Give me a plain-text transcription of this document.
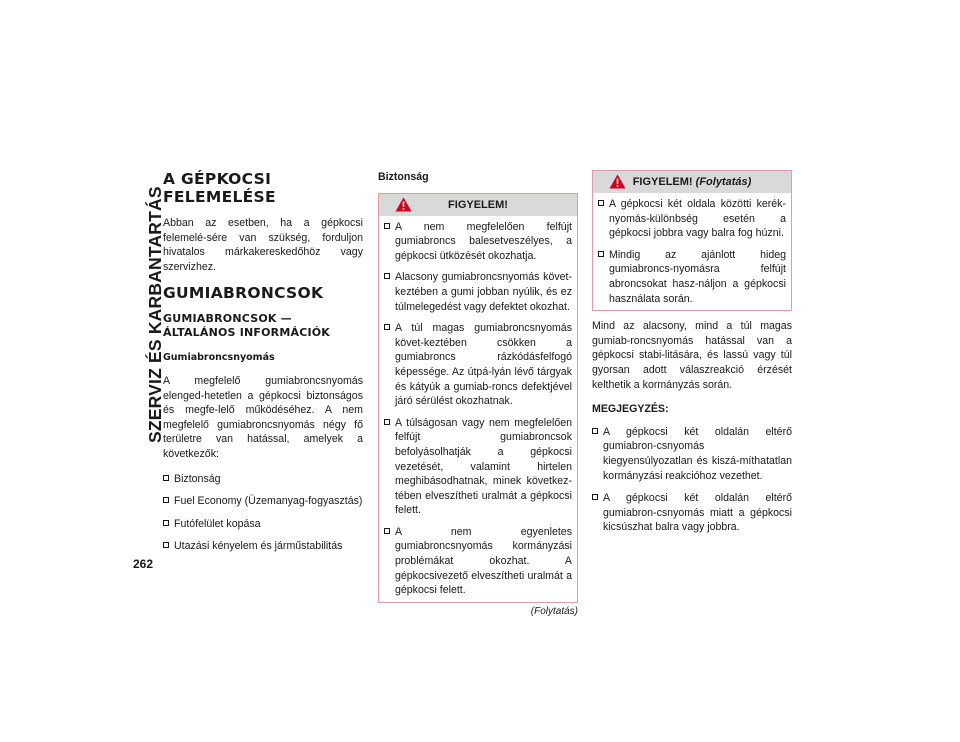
SZERVIZ ÉS KARBANTARTÁS
262
A GÉPKOCSI FELEMELÉSE
Abban az esetben, ha a gépkocsi felemelé-sére van szükség, forduljon hivatalos márkakereskedőhöz vagy szervizhez.
GUMIABRONCSOK
GUMIABRONCSOK — ÁLTALÁNOS INFORMÁCIÓK
Gumiabroncsnyomás
A megfelelő gumiabroncsnyomás elenged-hetetlen a gépkocsi biztonságos és megfe-lelő működéséhez. A nem megfelelő gumiabroncsnyomás négy fő területre van hatással, amelyek a következők:
Biztonság
Fuel Economy (Üzemanyag-fogyasztás)
Futófelület kopása
Utazási kényelem és járműstabilitás
Biztonság
FIGYELEM!
A nem megfelelően felfújt gumiabroncs balesetveszélyes, a gépkocsi ütközését okozhatja.
Alacsony gumiabroncsnyomás követ-keztében a gumi jobban nyúlik, és ez túlmelegedést vagy defektet okozhat.
A túl magas gumiabroncsnyomás követ-keztében csökken a gumiabroncs rázkódásfelfogó képessége. Az útpá-lyán lévő tárgyak és kátyúk a gumiab-roncs defektjével járó sérülést okozhatnak.
A túlságosan vagy nem megfelelően felfújt gumiabroncsok befolyásolhatják a gépkocsi vezetését, valamint hirtelen meghibásodhatnak, minek következ-tében elveszítheti uralmát a gépkocsi felett.
A nem egyenletes gumiabroncsnyomás kormányzási problémákat okozhat. A gépkocsivezető elveszítheti uralmát a gépkocsi felett.
(Folytatás)
FIGYELEM! (Folytatás)
A gépkocsi két oldala közötti kerék-nyomás-különbség esetén a gépkocsi jobbra vagy balra fog húzni.
Mindig az ajánlott hideg gumiabroncs-nyomásra felfújt abroncsokat hasz-náljon a gépkocsi használata során.
Mind az alacsony, mind a túl magas gumiab-roncsnyomás hatással van a gépkocsi stabi-litására, és lassú vagy túl gyorsan adott válaszreakció érzését kelthetik a kormányzás során.
MEGJEGYZÉS:
A gépkocsi két oldalán eltérő gumiabron-csnyomás kiegyensúlyozatlan és kiszá-míthatatlan kormányzási reakcióhoz vezethet.
A gépkocsi két oldalán eltérő gumiabron-csnyomás miatt a gépkocsi kicsúszhat balra vagy jobbra.
